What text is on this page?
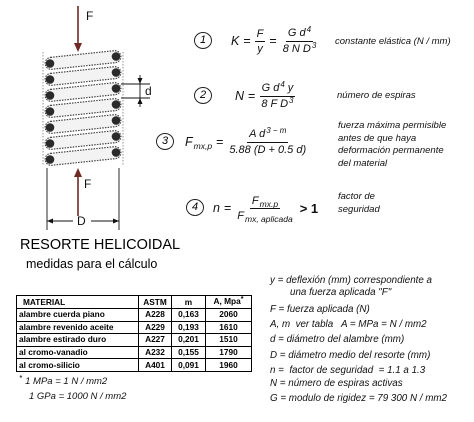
F
F
d
D
RESORTE HELICOIDAL
medidas para el cálculo
1	$K = \frac{F}{y} = \frac{G d^4}{8 N D^3}$ constante elástica (N / mm)
2	$N = \frac{G d^4 y}{8 F D^3}$	número de espiras
3	$F_{mx,p} = \frac{A d^{3 - m}}{5.88 (D + 0.5 d)}$
fuerza máxima permisible
antes de que haya
deformación permanente
del material
4	$n = \frac{F_{mx.p}}{F_{mx, aplicada}} > 1$
factor de
seguridad
MATERIAL	ASTM	m	A, Mpa*
alambre cuerda piano	A228	0,163	2060
alambre revenido aceite	A229	0,193	1610
alambre estirado duro	A227	0,201	1510
al cromo-vanadio	A232	0,155	1790
al cromo-silicio	A401	0,091	1960
* 1 MPa = 1 N / mm2
1 GPa = 1000 N / mm2
y = deflexión (mm) correspondiente a
una fuerza aplicada "F"
F = fuerza aplicada (N)
A, m  ver tabla   A = MPa = N / mm2
d = diámetro del alambre (mm)
D = diámetro medio del resorte (mm)
n =  factor de seguridad  = 1.1 a 1.3
N = número de espiras activas
G = modulo de rigidez = 79 300 N / mm2
